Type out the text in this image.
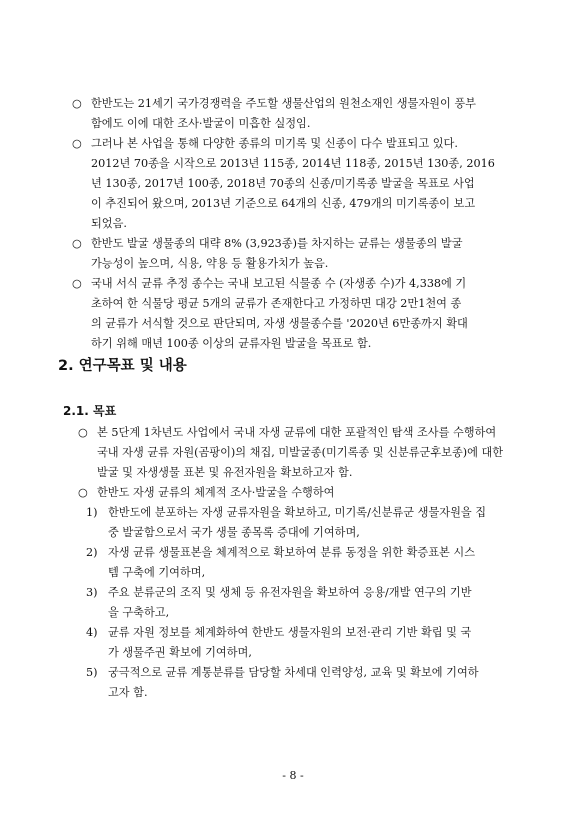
○ 한반도는 21세기 국가경쟁력을 주도할 생물산업의 원천소재인 생물자원이 풍부
함에도 이에 대한 조사·발굴이 미흡한 실정임.
○ 그러나 본 사업을 통해 다양한 종류의 미기록 및 신종이 다수 발표되고 있다.
2012년 70종을 시작으로 2013년 115종, 2014년 118종, 2015년 130종, 2016
년 130종, 2017년 100종, 2018년 70종의 신종/미기록종 발굴을 목표로 사업
이 추진되어 왔으며, 2013년 기준으로 64개의 신종, 479개의 미기록종이 보고
되었음.
○ 한반도 발굴 생물종의 대략 8% (3,923종)를 차지하는 균류는 생물종의 발굴
가능성이 높으며, 식용, 약용 등 활용가치가 높음.
○ 국내 서식 균류 추정 종수는 국내 보고된 식물종 수 (자생종 수)가 4,338에 기
초하여 한 식물당 평균 5개의 균류가 존재한다고 가정하면 대강 2만1천여 종
의 균류가 서식할 것으로 판단되며, 자생 생물종수를 '2020년 6만종까지 확대
하기 위해 매년 100종 이상의 균류자원 발굴을 목표로 함.
2. 연구목표 및 내용
2.1. 목표
○ 본 5단계 1차년도 사업에서 국내 자생 균류에 대한 포괄적인 탐색 조사를 수행하여
국내 자생 균류 자원(곰팡이)의 채집, 미발굴종(미기록종 및 신분류군후보종)에 대한
발굴 및 자생생물 표본 및 유전자원을 확보하고자 함.
○ 한반도 자생 균류의 체계적 조사·발굴을 수행하여
1) 한반도에 분포하는 자생 균류자원을 확보하고, 미기록/신분류군 생물자원을 집
중 발굴함으로서 국가 생물 종목록 증대에 기여하며,
2) 자생 균류 생물표본을 체계적으로 확보하여 분류 동정을 위한 확증표본 시스
템 구축에 기여하며,
3) 주요 분류군의 조직 및 생체 등 유전자원을 확보하여 응용/개발 연구의 기반
을 구축하고,
4) 균류 자원 정보를 체계화하여 한반도 생물자원의 보전·관리 기반 확립 및 국
가 생물주권 확보에 기여하며,
5) 궁극적으로 균류 계통분류를 담당할 차세대 인력양성, 교육 및 확보에 기여하
고자 함.
- 8 -
